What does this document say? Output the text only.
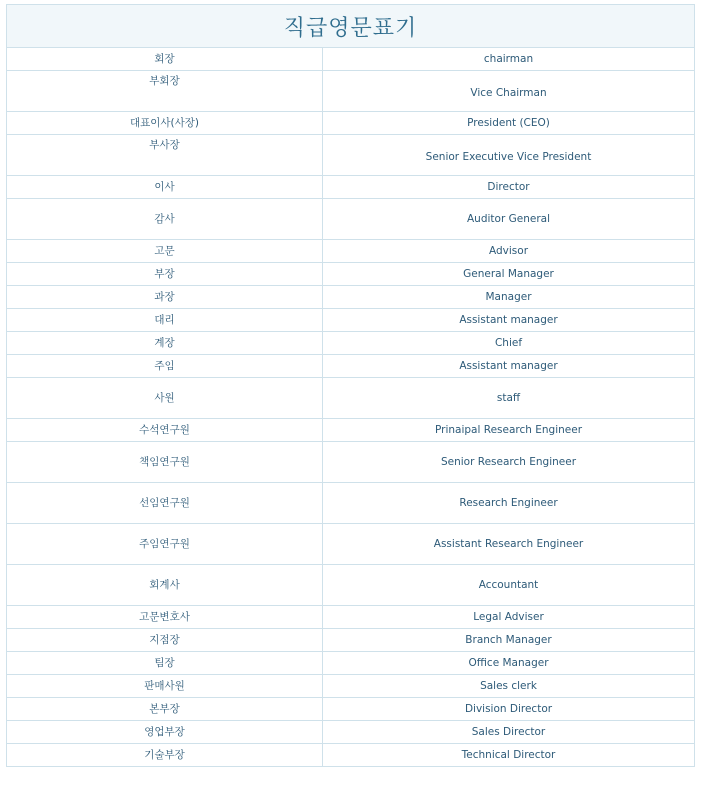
직급영문표기	
회장	chairman
부회장	Vice Chairman
대표이사(사장)	President (CEO)
부사장	Senior Executive Vice President
이사	Director
감사	Auditor General
고문	Advisor
부장	General Manager
과장	Manager
대리	Assistant manager
계장	Chief
주임	Assistant manager
사원	staff
수석연구원	Prinaipal Research Engineer
책임연구원	Senior Research Engineer
선임연구원	Research Engineer
주임연구원	Assistant Research Engineer
회계사	Accountant
고문변호사	Legal Adviser
지점장	Branch Manager
팀장	Office Manager
판매사원	Sales clerk
본부장	Division Director
영업부장	Sales Director
기술부장	Technical Director
